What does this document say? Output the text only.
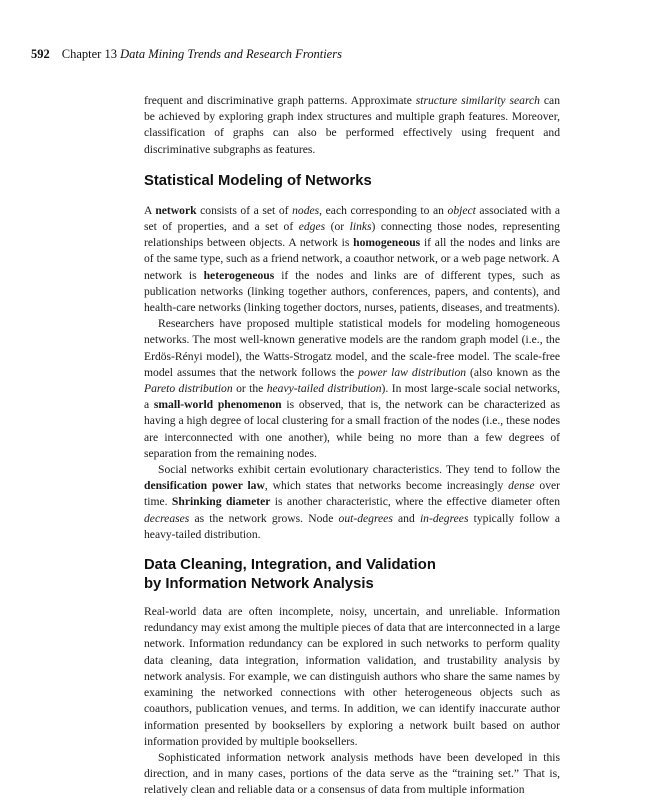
592 Chapter 13 Data Mining Trends and Research Frontiers

frequent and discriminative graph patterns. Approximate structure similarity search can be achieved by exploring graph index structures and multiple graph features. Moreover, classification of graphs can also be performed effectively using frequent and discriminative subgraphs as features.

Statistical Modeling of Networks

A network consists of a set of nodes, each corresponding to an object associated with a set of properties, and a set of edges (or links) connecting those nodes, representing relationships between objects. A network is homogeneous if all the nodes and links are of the same type, such as a friend network, a coauthor network, or a web page network. A network is heterogeneous if the nodes and links are of different types, such as publication networks (linking together authors, conferences, papers, and contents), and health-care networks (linking together doctors, nurses, patients, diseases, and treatments).

Researchers have proposed multiple statistical models for modeling homogeneous networks. The most well-known generative models are the random graph model (i.e., the Erdös-Rényi model), the Watts-Strogatz model, and the scale-free model. The scale-free model assumes that the network follows the power law distribution (also known as the Pareto distribution or the heavy-tailed distribution). In most large-scale social networks, a small-world phenomenon is observed, that is, the network can be characterized as having a high degree of local clustering for a small fraction of the nodes (i.e., these nodes are interconnected with one another), while being no more than a few degrees of separation from the remaining nodes.

Social networks exhibit certain evolutionary characteristics. They tend to follow the densification power law, which states that networks become increasingly dense over time. Shrinking diameter is another characteristic, where the effective diameter often decreases as the network grows. Node out-degrees and in-degrees typically follow a heavy-tailed distribution.

Data Cleaning, Integration, and Validation
by Information Network Analysis

Real-world data are often incomplete, noisy, uncertain, and unreliable. Information redundancy may exist among the multiple pieces of data that are interconnected in a large network. Information redundancy can be explored in such networks to perform quality data cleaning, data integration, information validation, and trustability analysis by network analysis. For example, we can distinguish authors who share the same names by examining the networked connections with other heterogeneous objects such as coauthors, publication venues, and terms. In addition, we can identify inaccurate author information presented by booksellers by exploring a network built based on author information provided by multiple booksellers.

Sophisticated information network analysis methods have been developed in this direction, and in many cases, portions of the data serve as the “training set.” That is, relatively clean and reliable data or a consensus of data from multiple information
